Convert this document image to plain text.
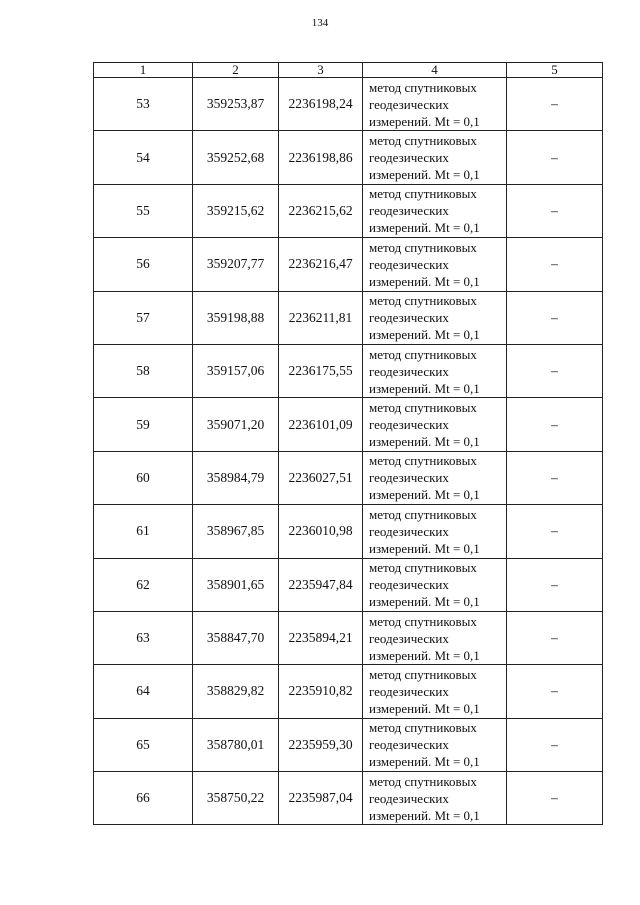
134
1	2	3	4	5
53	359253,87	2236198,24	метод спутниковых
геодезических
измерений. Mt = 0,1	–
54	359252,68	2236198,86	метод спутниковых
геодезических
измерений. Mt = 0,1	–
55	359215,62	2236215,62	метод спутниковых
геодезических
измерений. Mt = 0,1	–
56	359207,77	2236216,47	метод спутниковых
геодезических
измерений. Mt = 0,1	–
57	359198,88	2236211,81	метод спутниковых
геодезических
измерений. Mt = 0,1	–
58	359157,06	2236175,55	метод спутниковых
геодезических
измерений. Mt = 0,1	–
59	359071,20	2236101,09	метод спутниковых
геодезических
измерений. Mt = 0,1	–
60	358984,79	2236027,51	метод спутниковых
геодезических
измерений. Mt = 0,1	–
61	358967,85	2236010,98	метод спутниковых
геодезических
измерений. Mt = 0,1	–
62	358901,65	2235947,84	метод спутниковых
геодезических
измерений. Mt = 0,1	–
63	358847,70	2235894,21	метод спутниковых
геодезических
измерений. Mt = 0,1	–
64	358829,82	2235910,82	метод спутниковых
геодезических
измерений. Mt = 0,1	–
65	358780,01	2235959,30	метод спутниковых
геодезических
измерений. Mt = 0,1	–
66	358750,22	2235987,04	метод спутниковых
геодезических
измерений. Mt = 0,1	–
